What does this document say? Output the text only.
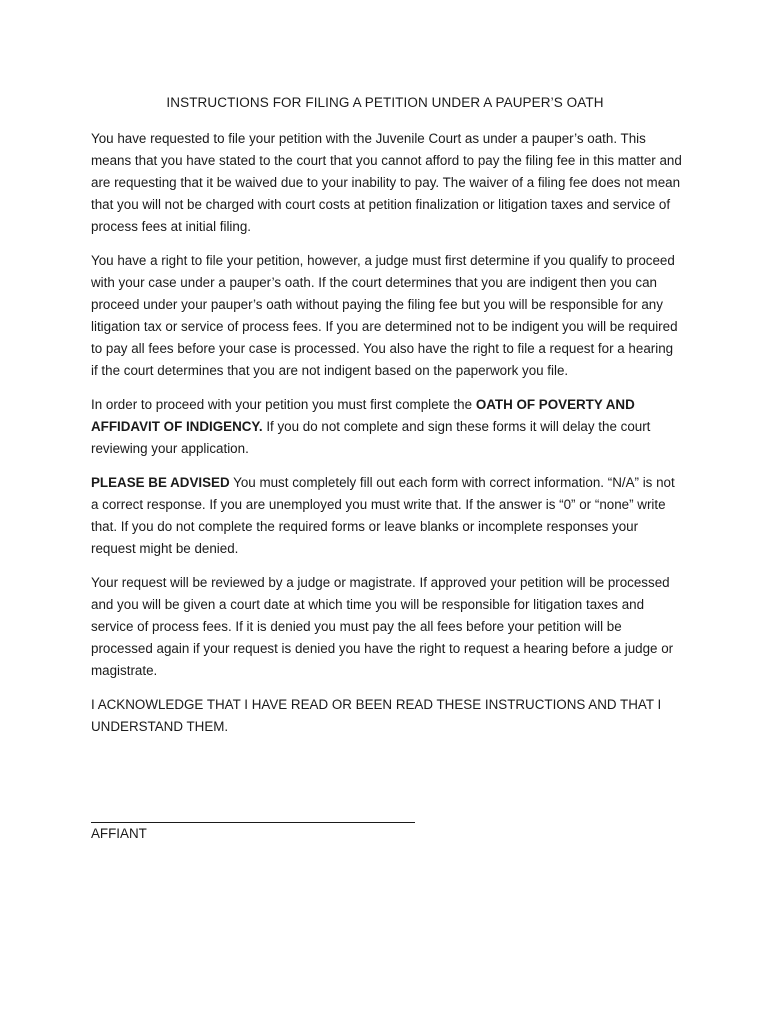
INSTRUCTIONS FOR FILING A PETITION UNDER A PAUPER’S OATH

You have requested to file your petition with the Juvenile Court as under a pauper’s oath. This means that you have stated to the court that you cannot afford to pay the filing fee in this matter and are requesting that it be waived due to your inability to pay. The waiver of a filing fee does not mean that you will not be charged with court costs at petition finalization or litigation taxes and service of process fees at initial filing.

You have a right to file your petition, however, a judge must first determine if you qualify to proceed with your case under a pauper’s oath. If the court determines that you are indigent then you can proceed under your pauper’s oath without paying the filing fee but you will be responsible for any litigation tax or service of process fees. If you are determined not to be indigent you will be required to pay all fees before your case is processed. You also have the right to file a request for a hearing if the court determines that you are not indigent based on the paperwork you file.

In order to proceed with your petition you must first complete the OATH OF POVERTY AND AFFIDAVIT OF INDIGENCY. If you do not complete and sign these forms it will delay the court reviewing your application.

PLEASE BE ADVISED You must completely fill out each form with correct information. “N/A” is not a correct response. If you are unemployed you must write that. If the answer is “0” or “none” write that. If you do not complete the required forms or leave blanks or incomplete responses your request might be denied.

Your request will be reviewed by a judge or magistrate. If approved your petition will be processed and you will be given a court date at which time you will be responsible for litigation taxes and service of process fees. If it is denied you must pay the all fees before your petition will be processed again if your request is denied you have the right to request a hearing before a judge or magistrate.

I ACKNOWLEDGE THAT I HAVE READ OR BEEN READ THESE INSTRUCTIONS AND THAT I UNDERSTAND THEM.

AFFIANT
